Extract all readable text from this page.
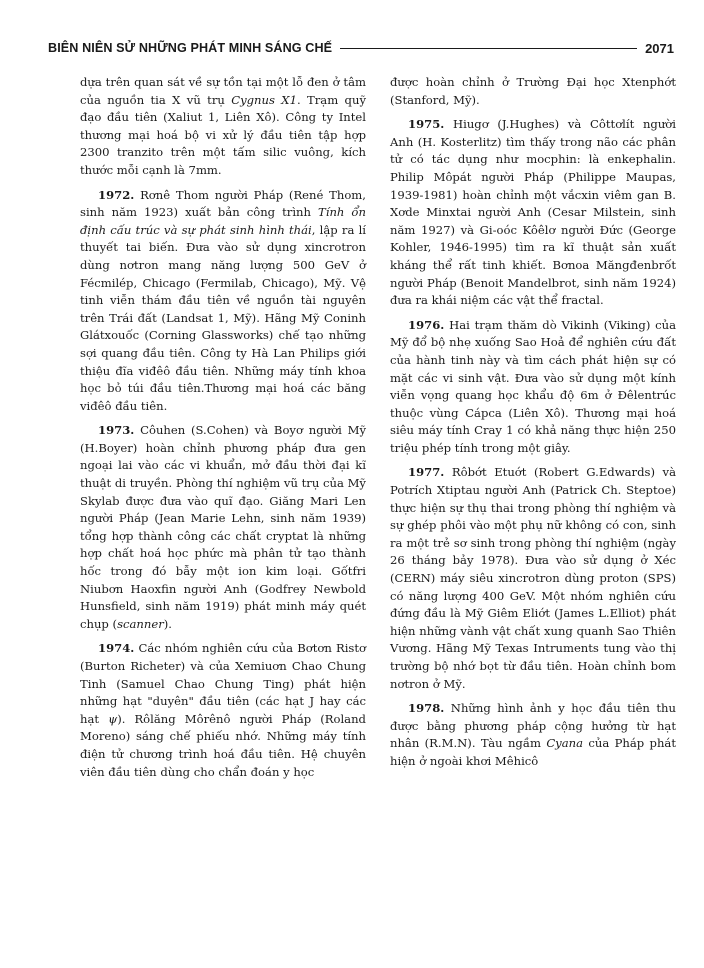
BIÊN NIÊN SỬ NHỮNG PHÁT MINH SÁNG CHẾ	2071

dựa trên quan sát về sự tồn tại một lỗ đen ở tâm của nguồn tia X vũ trụ Cygnus X1. Trạm quỹ đạo đầu tiên (Xaliut 1, Liên Xô). Công ty Intel thương mại hoá bộ vi xử lý đầu tiên tập hợp 2300 tranzito trên một tấm silic vuông, kích thước mỗi cạnh là 7mm.

1972. Rơnê Thom người Pháp (René Thom, sinh năm 1923) xuất bản công trình Tính ổn định cấu trúc và sự phát sinh hình thái, lập ra lí thuyết tai biến. Đưa vào sử dụng xincrotron dùng nơtron mang năng lượng 500 GeV ở Fécmilép, Chicago (Fermilab, Chicago), Mỹ. Vệ tinh viễn thám đầu tiên về nguồn tài nguyên trên Trái đất (Landsat 1, Mỹ). Hãng Mỹ Coninh Glátxouốc (Corning Glassworks) chế tạo những sợi quang đầu tiên. Công ty Hà Lan Philips giới thiệu đĩa viđêô đầu tiên. Những máy tính khoa học bỏ túi đầu tiên.Thương mại hoá các băng viđêô đầu tiên.

1973. Côuhen (S.Cohen) và Boyơ người Mỹ (H.Boyer) hoàn chỉnh phương pháp đưa gen ngoại lai vào các vi khuẩn, mở đầu thời đại kĩ thuật di truyền. Phòng thí nghiệm vũ trụ của Mỹ Skylab được đưa vào quĩ đạo. Giăng Mari Len người Pháp (Jean Marie Lehn, sinh năm 1939) tổng hợp thành công các chất cryptat là những hợp chất hoá học phức mà phân tử tạo thành hốc trong đó bẫy một ion kim loại. Gốtfri Niubơn Haoxfin người Anh (Godfrey Newbold Hunsfield, sinh năm 1919) phát minh máy quét chụp (scanner).

1974. Các nhóm nghiên cứu của Bơtơn Ristơ (Burton Richeter) và của Xemiuơn Chao Chung Tinh (Samuel Chao Chung Ting) phát hiện những hạt "duyên" đầu tiên (các hạt J hay các hạt ψ). Rôlăng Môrênô người Pháp (Roland Moreno) sáng chế phiếu nhớ. Những máy tính điện tử chương trình hoá đầu tiên. Hệ chuyên viên đầu tiên dùng cho chẩn đoán y học

được hoàn chỉnh ở Trường Đại học Xtenphớt (Stanford, Mỹ).

1975. Hiugơ (J.Hughes) và Côttơlít người Anh (H. Kosterlitz) tìm thấy trong não các phân tử có tác dụng như mocphin: là enkephalin. Philip Môpát người Pháp (Philippe Maupas, 1939-1981) hoàn chỉnh một vắcxin viêm gan B. Xơde Minxtai người Anh (Cesar Milstein, sinh năm 1927) và Gi-oóc Kôêlơ người Đức (George Kohler, 1946-1995) tìm ra kĩ thuật sản xuất kháng thể rất tinh khiết. Bơnoa Măngđenbrốt người Pháp (Benoit Mandelbrot, sinh năm 1924) đưa ra khái niệm các vật thể fractal.

1976. Hai trạm thăm dò Vikinh (Viking) của Mỹ đổ bộ nhẹ xuống Sao Hoả để nghiên cứu đất của hành tinh này và tìm cách phát hiện sự có mặt các vi sinh vật. Đưa vào sử dụng một kính viễn vọng quang học khẩu độ 6m ở Đêlentrúc thuộc vùng Cápca (Liên Xô). Thương mại hoá siêu máy tính Cray 1 có khả năng thực hiện 250 triệu phép tính trong một giây.

1977. Rôbớt Etuớt (Robert G.Edwards) và Potrích Xtiptau người Anh (Patrick Ch. Steptoe) thực hiện sự thụ thai trong phòng thí nghiệm và sự ghép phôi vào một phụ nữ không có con, sinh ra một trẻ sơ sinh trong phòng thí nghiệm (ngày 26 tháng bảy 1978). Đưa vào sử dụng ở Xéc (CERN) máy siêu xincrotron dùng proton (SPS) có năng lượng 400 GeV. Một nhóm nghiên cứu đứng đầu là Mỹ Giêm Eliớt (James L.Elliot) phát hiện những vành vật chất xung quanh Sao Thiên Vương. Hãng Mỹ Texas Intruments tung vào thị trường bộ nhớ bọt từ đầu tiên. Hoàn chỉnh bom nơtron ở Mỹ.

1978. Những hình ảnh y học đầu tiên thu được bằng phương pháp cộng hưởng từ hạt nhân (R.M.N). Tàu ngầm Cyana của Pháp phát hiện ở ngoài khơi Mêhicô
